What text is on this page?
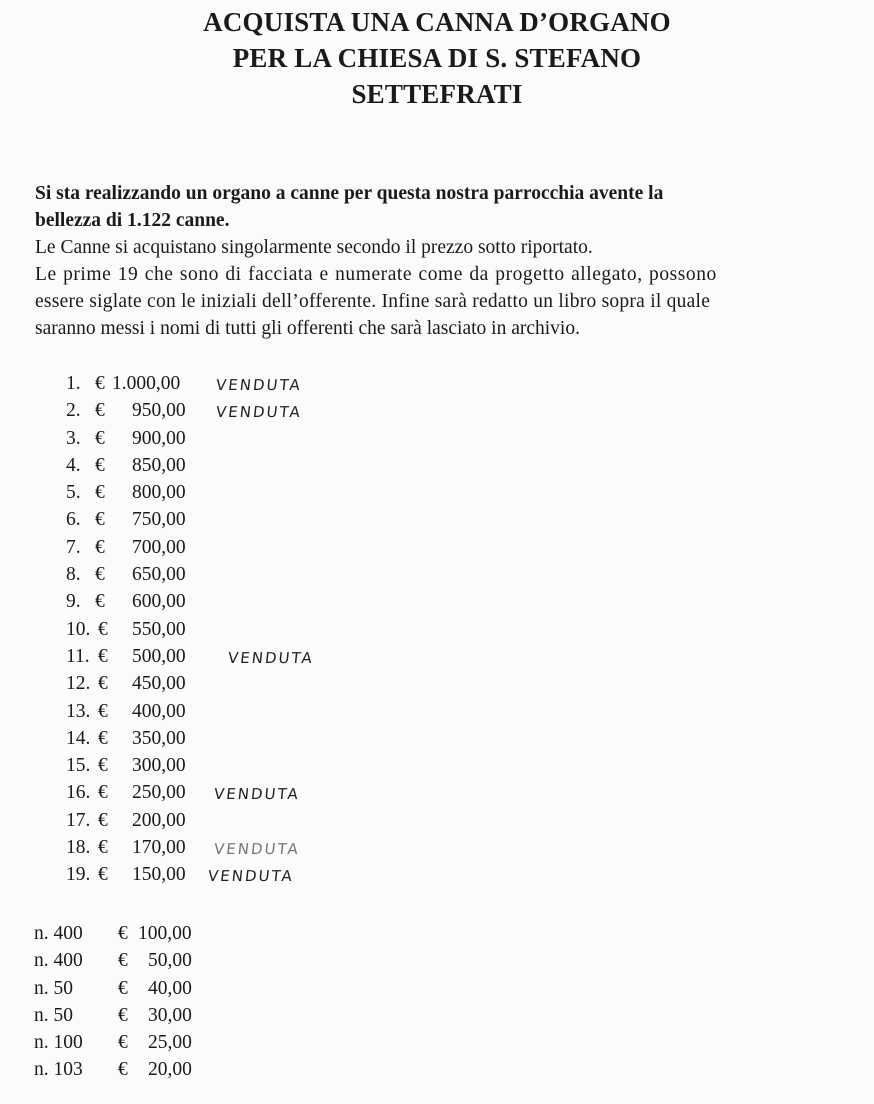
ACQUISTA UNA CANNA D’ORGANO
PER LA CHIESA DI S. STEFANO
SETTEFRATI
Si sta realizzando un organo a canne per questa nostra parrocchia avente la
bellezza di 1.122 canne.
Le Canne si acquistano singolarmente secondo il prezzo sotto riportato.
Le prime 19 che sono di facciata e numerate come da progetto allegato, possono
essere siglate con le iniziali dell’offerente. Infine sarà redatto un libro sopra il quale
saranno messi i nomi di tutti gli offerenti che sarà lasciato in archivio.
1. € 1.000,00 VENDUTA
2. € 950,00 VENDUTA
3. € 900,00
4. € 850,00
5. € 800,00
6. € 750,00
7. € 700,00
8. € 650,00
9. € 600,00
10. € 550,00
11. € 500,00	VENDUTA
12. € 450,00
13. € 400,00
14. € 350,00
15. € 300,00
16. € 250,00 VENDUTA
17. € 200,00
18. € 170,00 VENDUTA
19. € 150,00 VENDUTA
n. 400 € 100,00
n. 400 € 50,00
n. 50 € 40,00
n. 50 € 30,00
n. 100 € 25,00
n. 103 € 20,00
